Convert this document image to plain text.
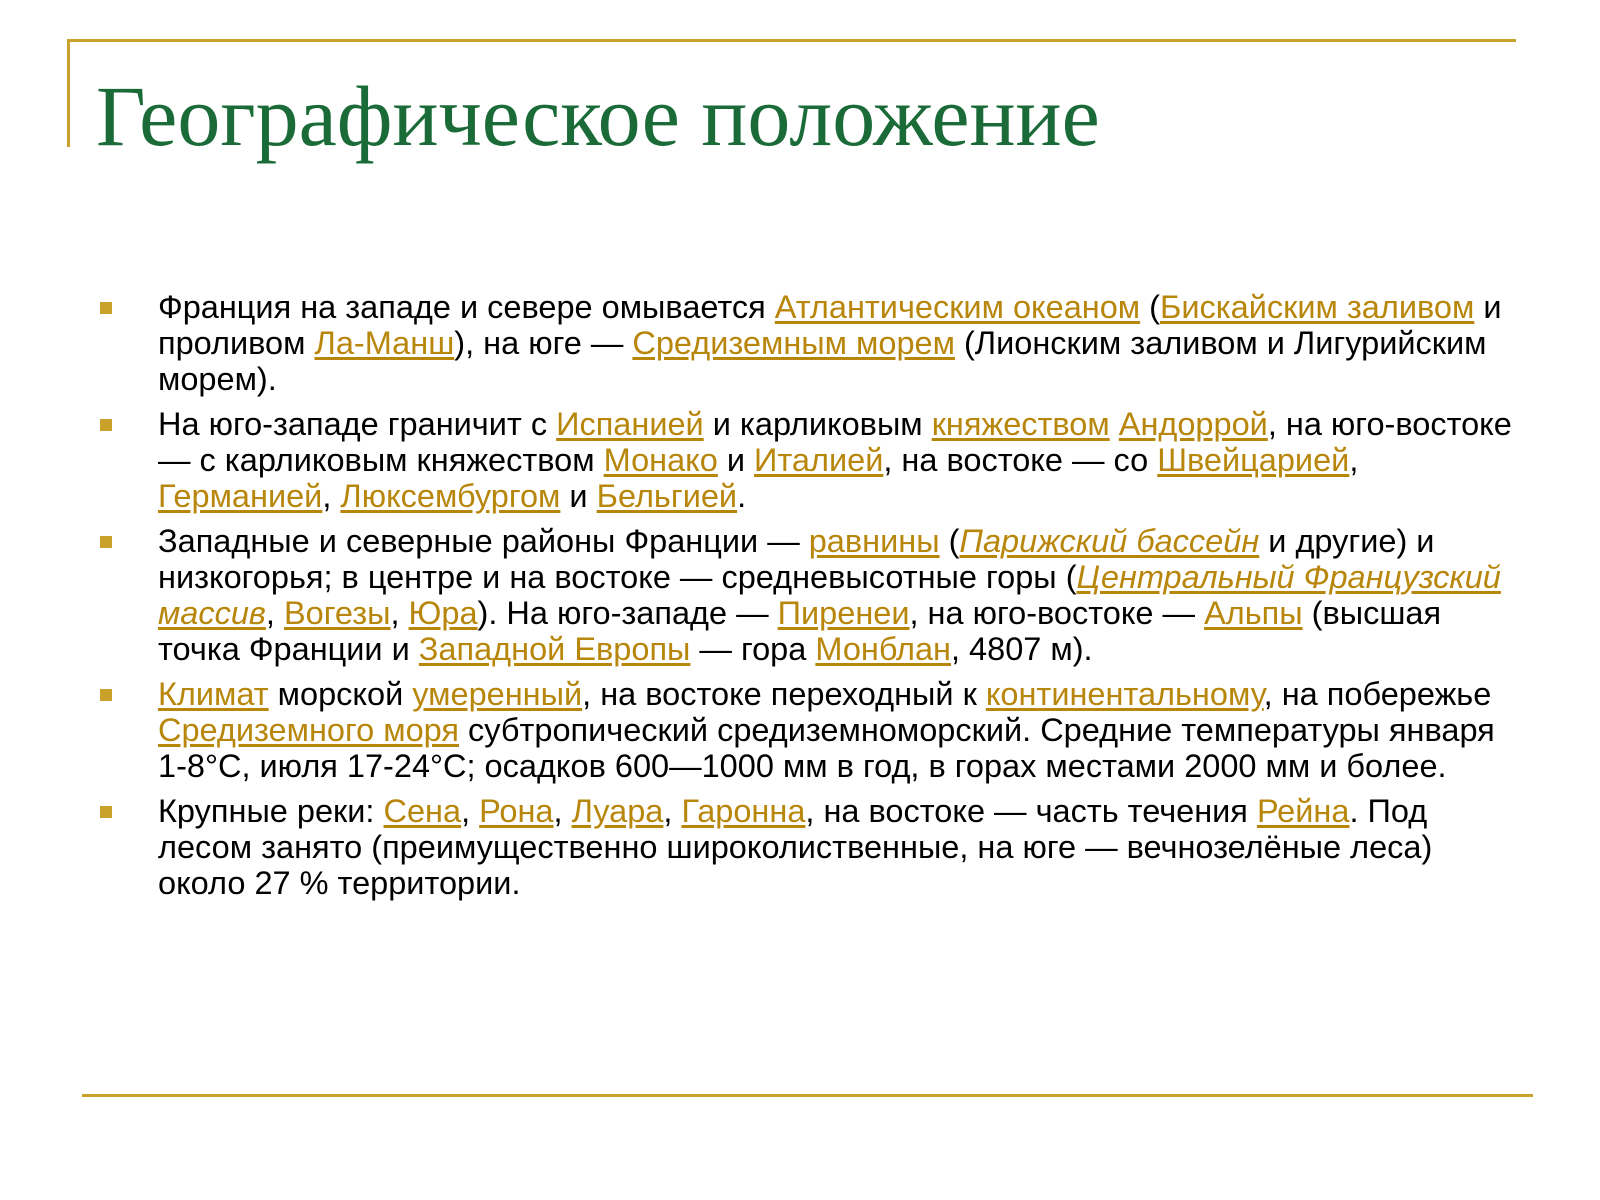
Географическое положение
Франция на западе и севере омывается Атлантическим океаном (Бискайским заливом и проливом Ла-Манш), на юге — Средиземным морем (Лионским заливом и Лигурийским морем).
На юго-западе граничит с Испанией и карликовым княжеством Андоррой, на юго-востоке — с карликовым княжеством Монако и Италией, на востоке — со Швейцарией, Германией, Люксембургом и Бельгией.
Западные и северные районы Франции — равнины (Парижский бассейн и другие) и низкогорья; в центре и на востоке — средневысотные горы (Центральный Французский массив, Вогезы, Юра). На юго-западе — Пиренеи, на юго-востоке — Альпы (высшая точка Франции и Западной Европы — гора Монблан, 4807 м).
Климат морской умеренный, на востоке переходный к континентальному, на побережье Средиземного моря субтропический средиземноморский. Средние температуры января 1-8°С, июля 17-24°С; осадков 600—1000 мм в год, в горах местами 2000 мм и более.
Крупные реки: Сена, Рона, Луара, Гаронна, на востоке — часть течения Рейна. Под лесом занято (преимущественно широколиственные, на юге — вечнозелёные леса) около 27 % территории.
